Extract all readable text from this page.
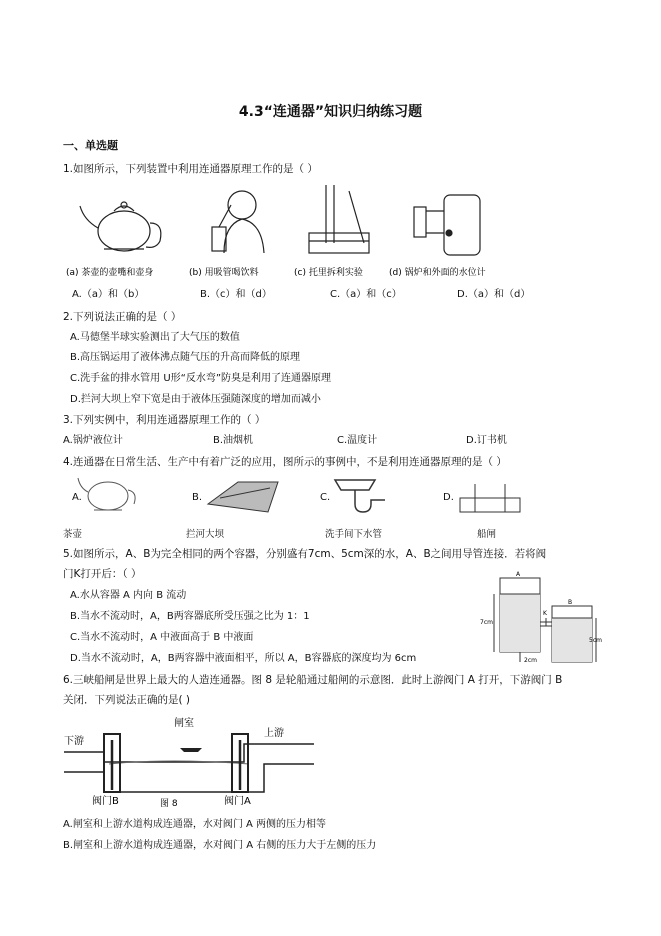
4.3“连通器”知识归纳练习题
一、单选题
1.如图所示，下列装置中利用连通器原理工作的是（ ）
(a) 茶壶的壶嘴和壶身	(b) 用吸管喝饮料	(c) 托里拆利实验	(d) 锅炉和外面的水位计
A.（a）和（b）	B.（c）和（d）	C.（a）和（c）	D.（a）和（d）
2.下列说法正确的是（ ）
A.马德堡半球实验测出了大气压的数值
B.高压锅运用了液体沸点随气压的升高而降低的原理
C.洗手盆的排水管用 U形“反水弯”防臭是利用了连通器原理
D.拦河大坝上窄下宽是由于液体压强随深度的增加而减小
3.下列实例中，利用连通器原理工作的（ ）
A.锅炉液位计	B.油烟机	C.温度计	D.订书机
4.连通器在日常生活、生产中有着广泛的应用，图所示的事例中，不是利用连通器原理的是（ ）
A.	B.	C.	D.
茶壶	拦河大坝	洗手间下水管	船闸
5.如图所示，A、B为完全相同的两个容器，分别盛有7cm、5cm深的水，A、B之间用导管连接．若将阀
门K打开后：（ ）
A.水从容器 A 内向 B 流动
B.当水不流动时，A，B两容器底所受压强之比为 1：1
C.当水不流动时，A 中液面高于 B 中液面
D.当水不流动时，A，B两容器中液面相平，所以 A，B容器底的深度均为 6cm
A
B
K
7cm
5cm
2cm
6.三峡船闸是世界上最大的人造连通器。图 8 是轮船通过船闸的示意图．此时上游阀门 A 打开，下游阀门 B
关闭．下列说法正确的是( )
闸室
下游
上游
阀门B	阀门A
图 8
A.闸室和上游水道构成连通器，水对阀门 A 两侧的压力相等
B.闸室和上游水道构成连通器，水对阀门 A 右侧的压力大于左侧的压力
